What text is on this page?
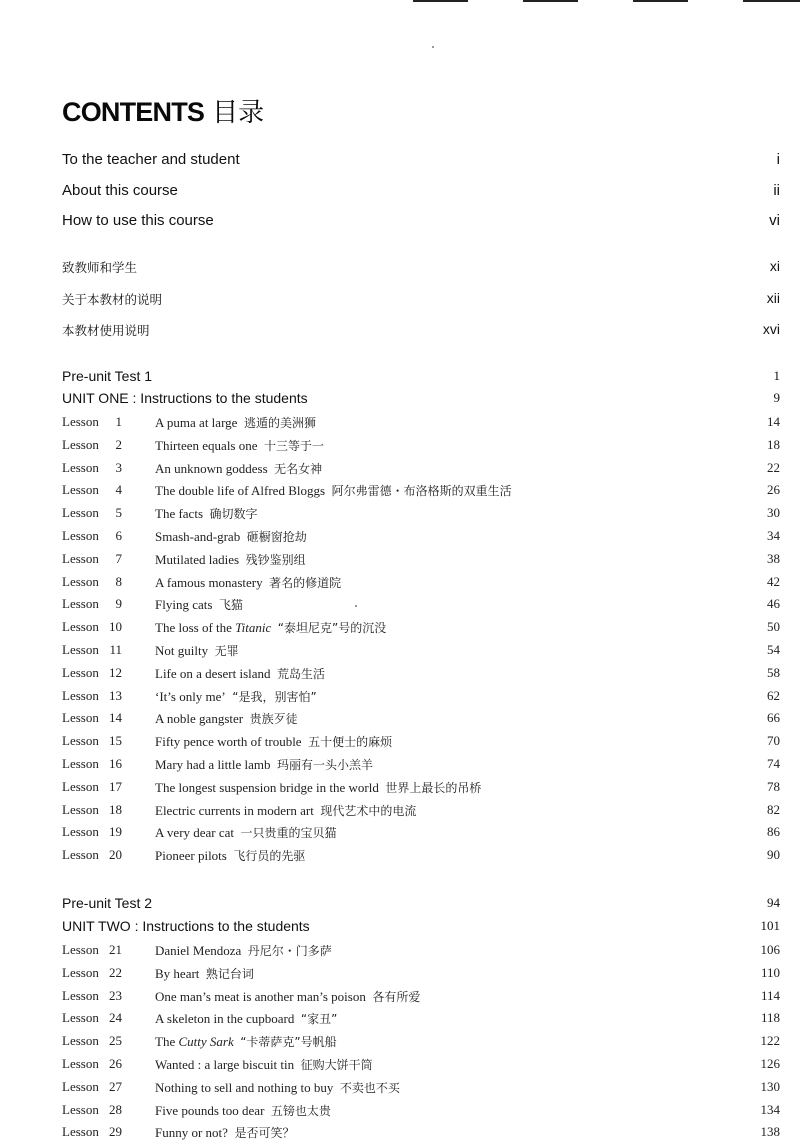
CONTENTS 目录
To the teacher and student	i
About this course	ii
How to use this course	vi
致教师和学生	xi
关于本教材的说明	xii
本教材使用说明	xvi
Pre-unit Test 1	1
UNIT ONE : Instructions to the students	9
Lesson	1	A puma at large 逃遁的美洲狮	14
Lesson	2	Thirteen equals one 十三等于一	18
Lesson	3	An unknown goddess 无名女神	22
Lesson	4	The double life of Alfred Bloggs 阿尔弗雷德・布洛格斯的双重生活	26
Lesson	5	The facts 确切数字	30
Lesson	6	Smash-and-grab 砸橱窗抢劫	34
Lesson	7	Mutilated ladies 残钞鉴别组	38
Lesson	8	A famous monastery 著名的修道院	42
Lesson	9	Flying cats 飞猫	46
Lesson 10	The loss of the Titanic “泰坦尼克”号的沉没	50
Lesson 11	Not guilty 无罪	54
Lesson 12	Life on a desert island 荒岛生活	58
Lesson 13	‘It’s only me’ “是我，别害怕”	62
Lesson 14	A noble gangster 贵族歹徒	66
Lesson 15	Fifty pence worth of trouble 五十便士的麻烦	70
Lesson 16	Mary had a little lamb 玛丽有一头小羔羊	74
Lesson 17	The longest suspension bridge in the world 世界上最长的吊桥	78
Lesson 18	Electric currents in modern art 现代艺术中的电流	82
Lesson 19	A very dear cat 一只贵重的宝贝猫	86
Lesson 20	Pioneer pilots 飞行员的先驱	90
Pre-unit Test 2	94
UNIT TWO : Instructions to the students	101
Lesson 21	Daniel Mendoza 丹尼尔・门多萨	106
Lesson 22	By heart 熟记台词	110
Lesson 23	One man’s meat is another man’s poison 各有所爱	114
Lesson 24	A skeleton in the cupboard “家丑”	118
Lesson 25	The Cutty Sark “卡蒂萨克”号帆船	122
Lesson 26	Wanted : a large biscuit tin 征购大饼干筒	126
Lesson 27	Nothing to sell and nothing to buy 不卖也不买	130
Lesson 28	Five pounds too dear 五镑也太贵	134
Lesson 29	Funny or not? 是否可笑？	138
